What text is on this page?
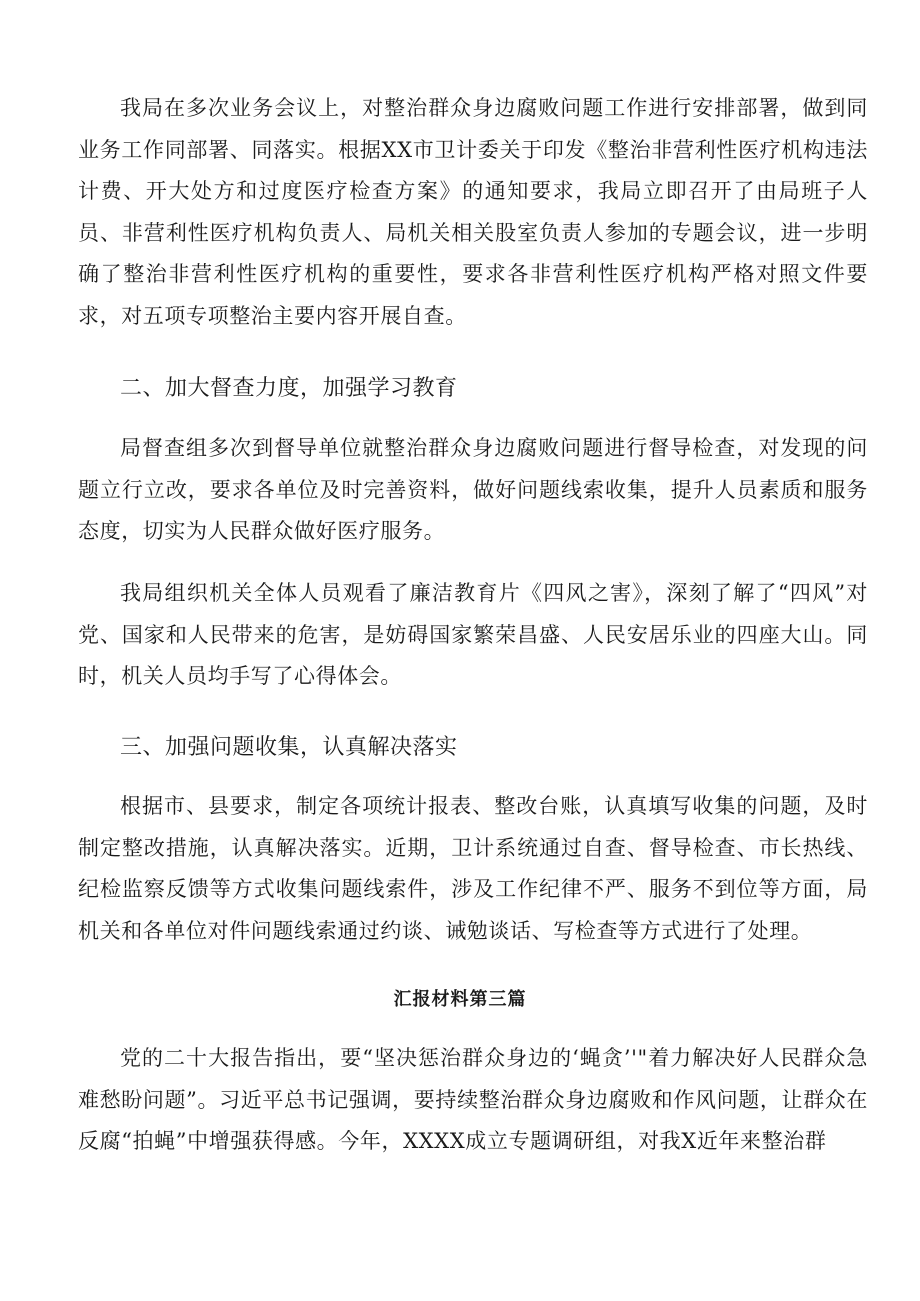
我局在多次业务会议上，对整治群众身边腐败问题工作进行安排部署，做到同业务工作同部署、同落实。根据XX市卫计委关于印发《整治非营利性医疗机构违法计费、开大处方和过度医疗检查方案》的通知要求，我局立即召开了由局班子人员、非营利性医疗机构负责人、局机关相关股室负责人参加的专题会议，进一步明确了整治非营利性医疗机构的重要性，要求各非营利性医疗机构严格对照文件要求，对五项专项整治主要内容开展自查。

二、加大督查力度，加强学习教育

局督查组多次到督导单位就整治群众身边腐败问题进行督导检查，对发现的问题立行立改，要求各单位及时完善资料，做好问题线索收集，提升人员素质和服务态度，切实为人民群众做好医疗服务。

我局组织机关全体人员观看了廉洁教育片《四风之害》，深刻了解了“四风”对党、国家和人民带来的危害，是妨碍国家繁荣昌盛、人民安居乐业的四座大山。同时，机关人员均手写了心得体会。

三、加强问题收集，认真解决落实

根据市、县要求，制定各项统计报表、整改台账，认真填写收集的问题，及时制定整改措施，认真解决落实。近期，卫计系统通过自查、督导检查、市长热线、纪检监察反馈等方式收集问题线索件，涉及工作纪律不严、服务不到位等方面，局机关和各单位对件问题线索通过约谈、诫勉谈话、写检查等方式进行了处理。

汇报材料第三篇

党的二十大报告指出，要“坚决惩治群众身边的‘蝇贪’'"着力解决好人民群众急难愁盼问题”。习近平总书记强调，要持续整治群众身边腐败和作风问题，让群众在反腐“拍蝇”中增强获得感。今年，XXXX成立专题调研组，对我X近年来整治群
